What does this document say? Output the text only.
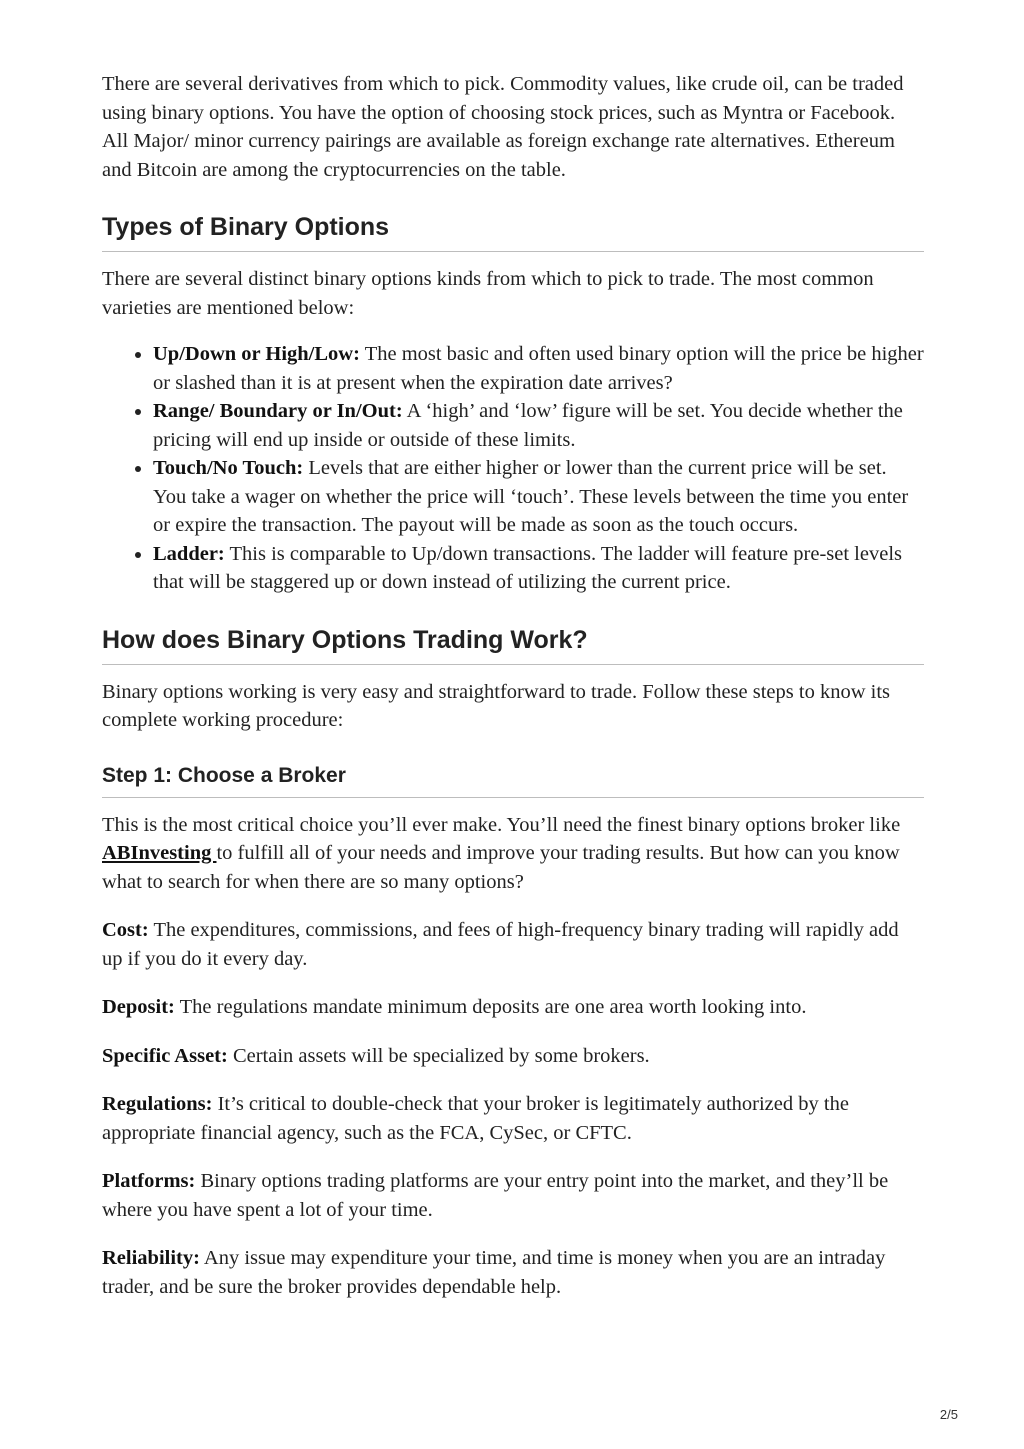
There are several derivatives from which to pick. Commodity values, like crude oil, can be traded using binary options. You have the option of choosing stock prices, such as Myntra or Facebook. All Major/ minor currency pairings are available as foreign exchange rate alternatives. Ethereum and Bitcoin are among the cryptocurrencies on the table.

Types of Binary Options

There are several distinct binary options kinds from which to pick to trade. The most common varieties are mentioned below:

• Up/Down or High/Low: The most basic and often used binary option will the price be higher or slashed than it is at present when the expiration date arrives?
• Range/ Boundary or In/Out: A ‘high’ and ‘low’ figure will be set. You decide whether the pricing will end up inside or outside of these limits.
• Touch/No Touch: Levels that are either higher or lower than the current price will be set. You take a wager on whether the price will ‘touch’. These levels between the time you enter or expire the transaction. The payout will be made as soon as the touch occurs.
• Ladder: This is comparable to Up/down transactions. The ladder will feature pre-set levels that will be staggered up or down instead of utilizing the current price.
How does Binary Options Trading Work?

Binary options working is very easy and straightforward to trade. Follow these steps to know its complete working procedure:

Step 1: Choose a Broker

This is the most critical choice you’ll ever make. You’ll need the finest binary options broker like ABInvesting to fulfill all of your needs and improve your trading results. But how can you know what to search for when there are so many options?

Cost: The expenditures, commissions, and fees of high-frequency binary trading will rapidly add up if you do it every day.

Deposit: The regulations mandate minimum deposits are one area worth looking into.

Specific Asset: Certain assets will be specialized by some brokers.

Regulations: It’s critical to double-check that your broker is legitimately authorized by the appropriate financial agency, such as the FCA, CySec, or CFTC.

Platforms: Binary options trading platforms are your entry point into the market, and they’ll be where you have spent a lot of your time.

Reliability: Any issue may expenditure your time, and time is money when you are an intraday trader, and be sure the broker provides dependable help.

2/5
